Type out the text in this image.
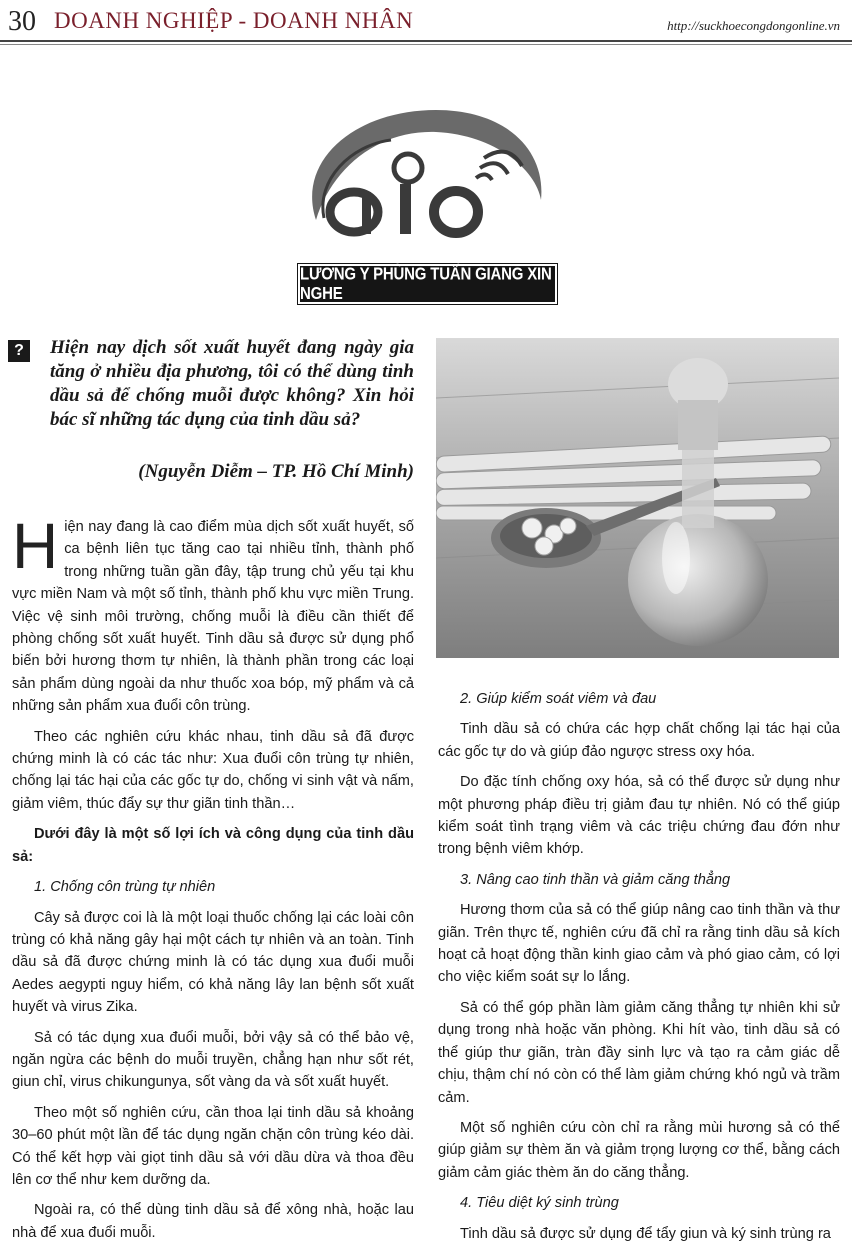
30 DOANH NGHIỆP - DOANH NHÂN	http://suckhoecongdongonline.vn
LƯƠNG Y PHÙNG TUẤN GIANG XIN NGHE
?	Hiện nay dịch sốt xuất huyết đang ngày gia tăng ở nhiều địa phương, tôi có thể dùng tinh dầu sả để chống muỗi được không? Xin hỏi bác sĩ những tác dụng của tinh dầu sả?
(Nguyễn Diễm – TP. Hồ Chí Minh)

Hiện nay đang là cao điểm mùa dịch sốt xuất huyết, số ca bệnh liên tục tăng cao tại nhiều tỉnh, thành phố trong những tuần gần đây, tập trung chủ yếu tại khu vực miền Nam và một số tỉnh, thành phố khu vực miền Trung. Việc vệ sinh môi trường, chống muỗi là điều cần thiết để phòng chống sốt xuất huyết. Tinh dầu sả được sử dụng phổ biến bởi hương thơm tự nhiên, là thành phần trong các loại sản phẩm dùng ngoài da như thuốc xoa bóp, mỹ phẩm và cả những sản phẩm xua đuổi côn trùng.

Theo các nghiên cứu khác nhau, tinh dầu sả đã được chứng minh là có các tác như: Xua đuổi côn trùng tự nhiên, chống lại tác hại của các gốc tự do, chống vi sinh vật và nấm, giảm viêm, thúc đẩy sự thư giãn tinh thần…

Dưới đây là một số lợi ích và công dụng của tinh dầu sả:

1. Chống côn trùng tự nhiên

Cây sả được coi là là một loại thuốc chống lại các loài côn trùng có khả năng gây hại một cách tự nhiên và an toàn. Tinh dầu sả đã được chứng minh là có tác dụng xua đuổi muỗi Aedes aegypti nguy hiểm, có khả năng lây lan bệnh sốt xuất huyết và virus Zika.

Sả có tác dụng xua đuổi muỗi, bởi vậy sả có thể bảo vệ, ngăn ngừa các bệnh do muỗi truyền, chẳng hạn như sốt rét, giun chỉ, virus chikungunya, sốt vàng da và sốt xuất huyết.

Theo một số nghiên cứu, cần thoa lại tinh dầu sả khoảng 30–60 phút một lần để tác dụng ngăn chặn côn trùng kéo dài. Có thể kết hợp vài giọt tinh dầu sả với dầu dừa và thoa đều lên cơ thể như kem dưỡng da.

Ngoài ra, có thể dùng tinh dầu sả để xông nhà, hoặc lau nhà để xua đuổi muỗi.

2. Giúp kiểm soát viêm và đau

Tinh dầu sả có chứa các hợp chất chống lại tác hại của các gốc tự do và giúp đảo ngược stress oxy hóa.

Do đặc tính chống oxy hóa, sả có thể được sử dụng như một phương pháp điều trị giảm đau tự nhiên. Nó có thể giúp kiểm soát tình trạng viêm và các triệu chứng đau đớn như trong bệnh viêm khớp.

3. Nâng cao tinh thần và giảm căng thẳng

Hương thơm của sả có thể giúp nâng cao tinh thần và thư giãn. Trên thực tế, nghiên cứu đã chỉ ra rằng tinh dầu sả kích hoạt cả hoạt động thần kinh giao cảm và phó giao cảm, có lợi cho việc kiểm soát sự lo lắng.

Sả có thể góp phần làm giảm căng thẳng tự nhiên khi sử dụng trong nhà hoặc văn phòng. Khi hít vào, tinh dầu sả có thể giúp thư giãn, tràn đầy sinh lực và tạo ra cảm giác dễ chịu, thậm chí nó còn có thể làm giảm chứng khó ngủ và trầm cảm.

Một số nghiên cứu còn chỉ ra rằng mùi hương sả có thể giúp giảm sự thèm ăn và giảm trọng lượng cơ thể, bằng cách giảm cảm giác thèm ăn do căng thẳng.

4. Tiêu diệt ký sinh trùng

Tinh dầu sả được sử dụng để tẩy giun và ký sinh trùng ra
